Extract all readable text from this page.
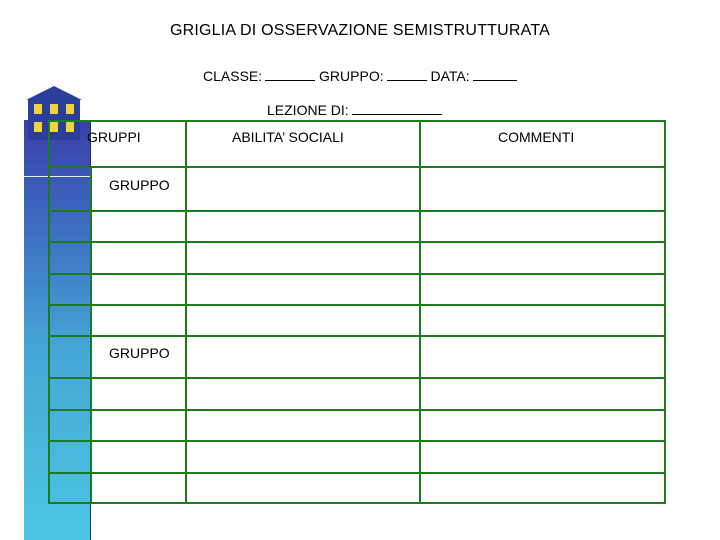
GRIGLIA DI OSSERVAZIONE SEMISTRUTTURATA
CLASSE:	GRUPPO:	DATA:
LEZIONE DI:
GRUPPI	ABILITA’ SOCIALI	COMMENTI
GRUPPO
GRUPPO
